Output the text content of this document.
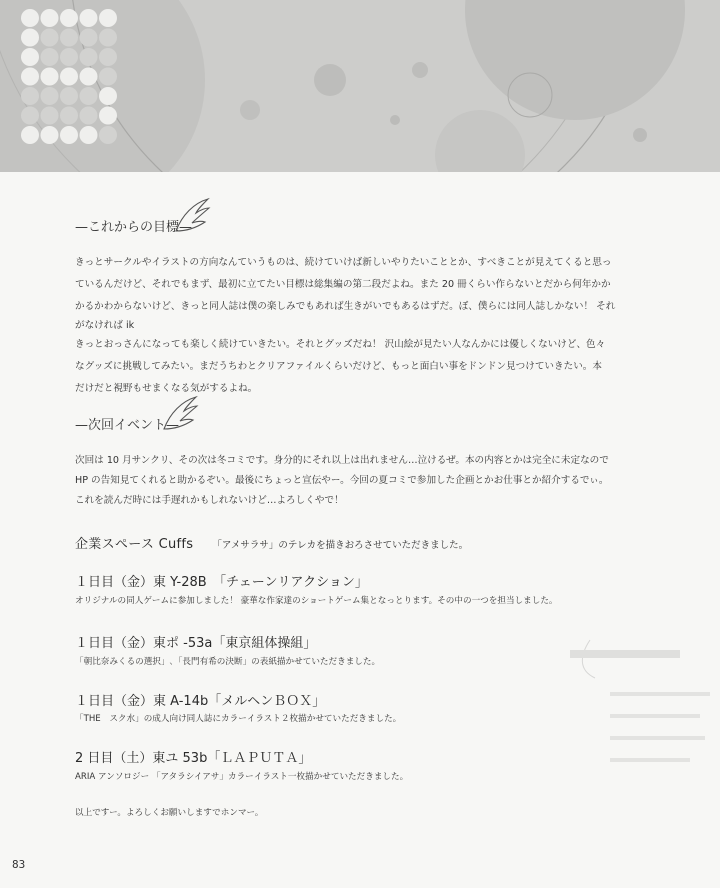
—これからの目標—

きっとサークルやイラストの方向なんていうものは、続けていけば新しいやりたいこととか、すべきことが見えてくると思っ

ているんだけど、それでもまず、最初に立てたい目標は総集編の第二段だよね。また 20 冊くらい作らないとだから何年かか

かるかわからないけど、きっと同人誌は僕の楽しみでもあれば生きがいでもあるはずだ。ぼ、僕らには同人誌しかない！ それ

がなければ ik

きっとおっさんになっても楽しく続けていきたい。それとグッズだね！ 沢山絵が見たい人なんかには優しくないけど、色々

なグッズに挑戦してみたい。まだうちわとクリアファイルくらいだけど、もっと面白い事をドンドン見つけていきたい。本

だけだと視野もせまくなる気がするよね。

—次回イベント—

次回は 10 月サンクリ、その次は冬コミです。身分的にそれ以上は出れません…泣けるぜ。本の内容とかは完全に未定なので

HP の告知見てくれると助かるぞい。最後にちょっと宣伝やー。今回の夏コミで参加した企画とかお仕事とか紹介するでぃ。

これを読んだ時には手遅れかもしれないけど…よろしくやで！

企業スペース Cuffs 「アメサラサ」のテレカを描きおろさせていただきました。
１日目（金）東 Y-28B　「チェーンリアクション」
オリジナルの同人ゲームに参加しました！ 豪華な作家達のショートゲーム集となっとります。その中の一つを担当しました。
１日目（金）東ポ -53a「東京組体操組」
「朝比奈みくるの選択」､「長門有希の決断」の表紙描かせていただきました。
１日目（金）東 A-14b「メルヘンＢＯＸ」
「THE　スク水」の成人向け同人誌にカラーイラスト２枚描かせていただきました。
2 日目（土）東ユ 53b「ＬＡＰＵＴＡ」
ARIA アンソロジー 「アタラシイアサ」カラーイラスト一枚描かせていただきました。
以上ですー。よろしくお願いしますでホンマー。
83
